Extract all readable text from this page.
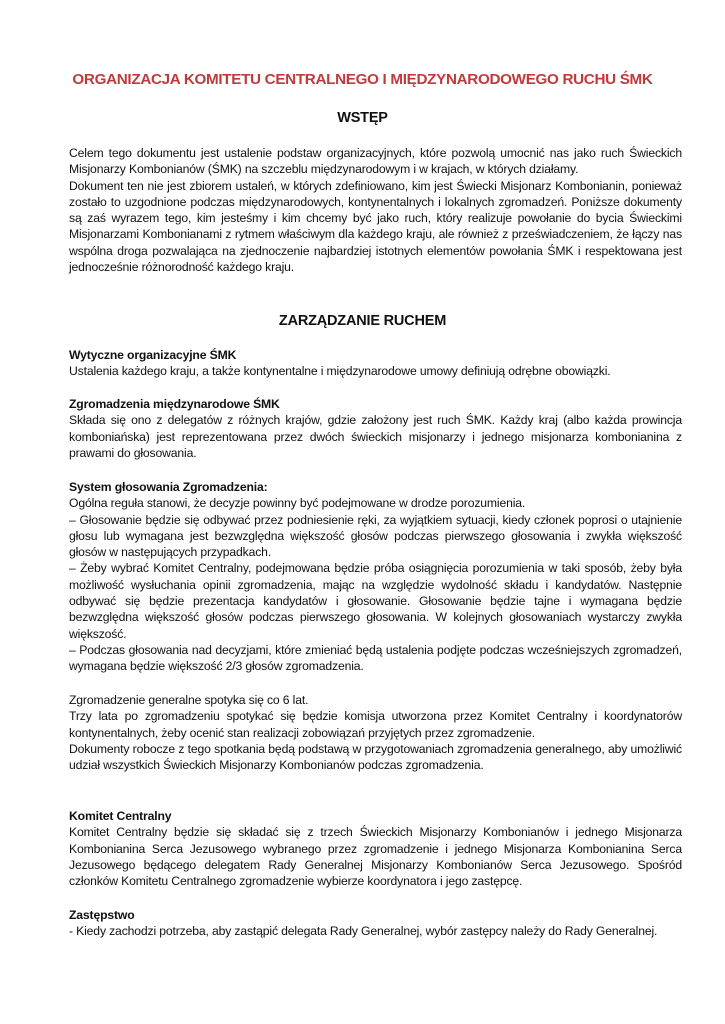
ORGANIZACJA KOMITETU CENTRALNEGO I MIĘDZYNARODOWEGO RUCHU ŚMK
WSTĘP

Celem tego dokumentu jest ustalenie podstaw organizacyjnych, które pozwolą umocnić nas jako ruch Świeckich Misjonarzy Kombonianów (ŚMK) na szczeblu międzynarodowym i w krajach, w których działamy.

Dokument ten nie jest zbiorem ustaleń, w których zdefiniowano, kim jest Świecki Misjonarz Kombonianin, ponieważ zostało to uzgodnione podczas międzynarodowych, kontynentalnych i lokalnych zgromadzeń. Poniższe dokumenty są zaś wyrazem tego, kim jesteśmy i kim chcemy być jako ruch, który realizuje powołanie do bycia Świeckimi Misjonarzami Kombonianami z rytmem właściwym dla każdego kraju, ale również z przeświadczeniem, że łączy nas wspólna droga pozwalająca na zjednoczenie najbardziej istotnych elementów powołania ŚMK i respektowana jest jednocześnie różnorodność każdego kraju.

ZARZĄDZANIE RUCHEM
Wytyczne organizacyjne ŚMK

Ustalenia każdego kraju, a także kontynentalne i międzynarodowe umowy definiują odrębne obowiązki.

Zgromadzenia międzynarodowe ŚMK

Składa się ono z delegatów z różnych krajów, gdzie założony jest ruch ŚMK. Każdy kraj (albo każda prowincja komboniańska) jest reprezentowana przez dwóch świeckich misjonarzy i jednego misjonarza kombonianina z prawami do głosowania.

System głosowania Zgromadzenia:

Ogólna reguła stanowi, że decyzje powinny być podejmowane w drodze porozumienia.

– Głosowanie będzie się odbywać przez podniesienie ręki, za wyjątkiem sytuacji, kiedy członek poprosi o utajnienie głosu lub wymagana jest bezwzględna większość głosów podczas pierwszego głosowania i zwykła większość głosów w następujących przypadkach.

– Żeby wybrać Komitet Centralny, podejmowana będzie próba osiągnięcia porozumienia w taki sposób, żeby była możliwość wysłuchania opinii zgromadzenia, mając na względzie wydolność składu i kandydatów. Następnie odbywać się będzie prezentacja kandydatów i głosowanie. Głosowanie będzie tajne i wymagana będzie bezwzględna większość głosów podczas pierwszego głosowania. W kolejnych głosowaniach wystarczy zwykła większość.

– Podczas głosowania nad decyzjami, które zmieniać będą ustalenia podjęte podczas wcześniejszych zgromadzeń, wymagana będzie większość 2/3 głosów zgromadzenia.

Zgromadzenie generalne spotyka się co 6 lat.

Trzy lata po zgromadzeniu spotykać się będzie komisja utworzona przez Komitet Centralny i koordynatorów kontynentalnych, żeby ocenić stan realizacji zobowiązań przyjętych przez zgromadzenie.

Dokumenty robocze z tego spotkania będą podstawą w przygotowaniach zgromadzenia generalnego, aby umożliwić udział wszystkich Świeckich Misjonarzy Kombonianów podczas zgromadzenia.

Komitet Centralny

Komitet Centralny będzie się składać się z trzech Świeckich Misjonarzy Kombonianów i jednego Misjonarza Kombonianina Serca Jezusowego wybranego przez zgromadzenie i jednego Misjonarza Kombonianina Serca Jezusowego będącego delegatem Rady Generalnej Misjonarzy Kombonianów Serca Jezusowego. Spośród członków Komitetu Centralnego zgromadzenie wybierze koordynatora i jego zastępcę.

Zastępstwo

- Kiedy zachodzi potrzeba, aby zastąpić delegata Rady Generalnej, wybór zastępcy należy do Rady Generalnej.
